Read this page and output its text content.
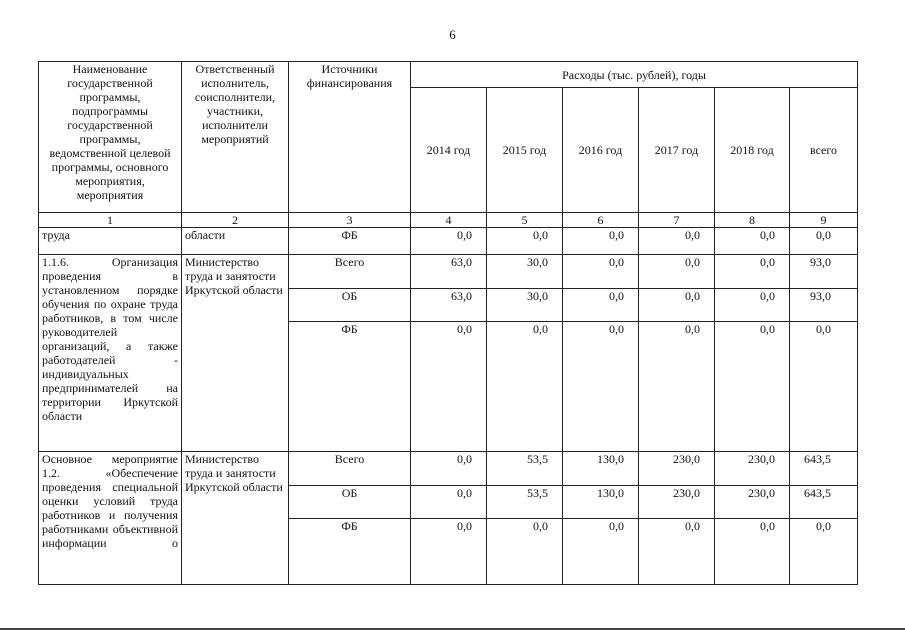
6
Наименование государственной программы, подпрограммы государственной программы, ведомственной целевой программы, основного мероприятия, мероприятия	Ответственный исполнитель, соисполнители, участники, исполнители мероприятий	Источники финансирования	Расходы (тыс. рублей), годы					
			2014 год	2015 год	2016 год	2017 год	2018 год	всего
1	2	3	4	5	6	7	8	9
труда	области	ФБ	0,0	0,0	0,0	0,0	0,0	0,0
1.1.6. Организация проведения в установленном порядке обучения по охране труда работников, в том числе руководителей организаций, а также работодателей - индивидуальных предпринимателей на территории Иркутской области	Министерство труда и занятости Иркутской области	Всего	63,0	30,0	0,0	0,0	0,0	93,0
		ОБ	63,0	30,0	0,0	0,0	0,0	93,0
		ФБ	0,0	0,0	0,0	0,0	0,0	0,0
Основное мероприятие 1.2. «Обеспечение проведения специальной оценки условий труда работников и получения работниками объективной информации о	Министерство труда и занятости Иркутской области	Всего	0,0	53,5	130,0	230,0	230,0	643,5
		ОБ	0,0	53,5	130,0	230,0	230,0	643,5
		ФБ	0,0	0,0	0,0	0,0	0,0	0,0
